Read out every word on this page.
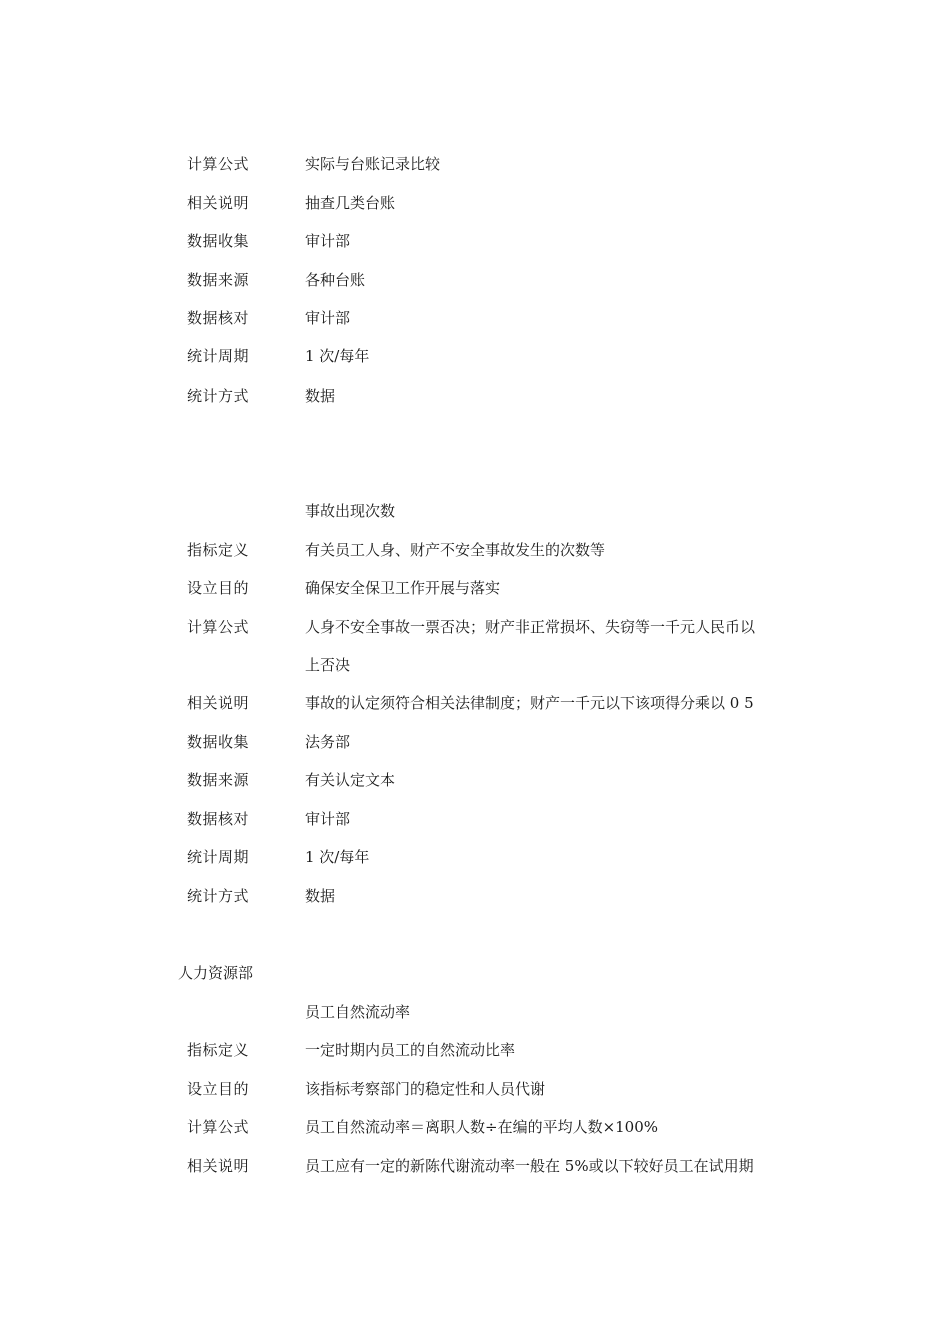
计算公式	实际与台账记录比较
相关说明	抽查几类台账
数据收集	审计部
数据来源	各种台账
数据核对	审计部
统计周期	1 次/每年
统计方式	数据
事故出现次数
指标定义	有关员工人身、财产不安全事故发生的次数等
设立目的	确保安全保卫工作开展与落实
计算公式	人身不安全事故一票否决；财产非正常损坏、失窃等一千元人民币以
上否决
相关说明	事故的认定须符合相关法律制度；财产一千元以下该项得分乘以 0 5
数据收集	法务部
数据来源	有关认定文本
数据核对	审计部
统计周期	1 次/每年
统计方式	数据
人力资源部
员工自然流动率
指标定义	一定时期内员工的自然流动比率
设立目的	该指标考察部门的稳定性和人员代谢
计算公式	员工自然流动率＝离职人数÷在编的平均人数×100%
相关说明	员工应有一定的新陈代谢流动率一般在 5%或以下较好员工在试用期
